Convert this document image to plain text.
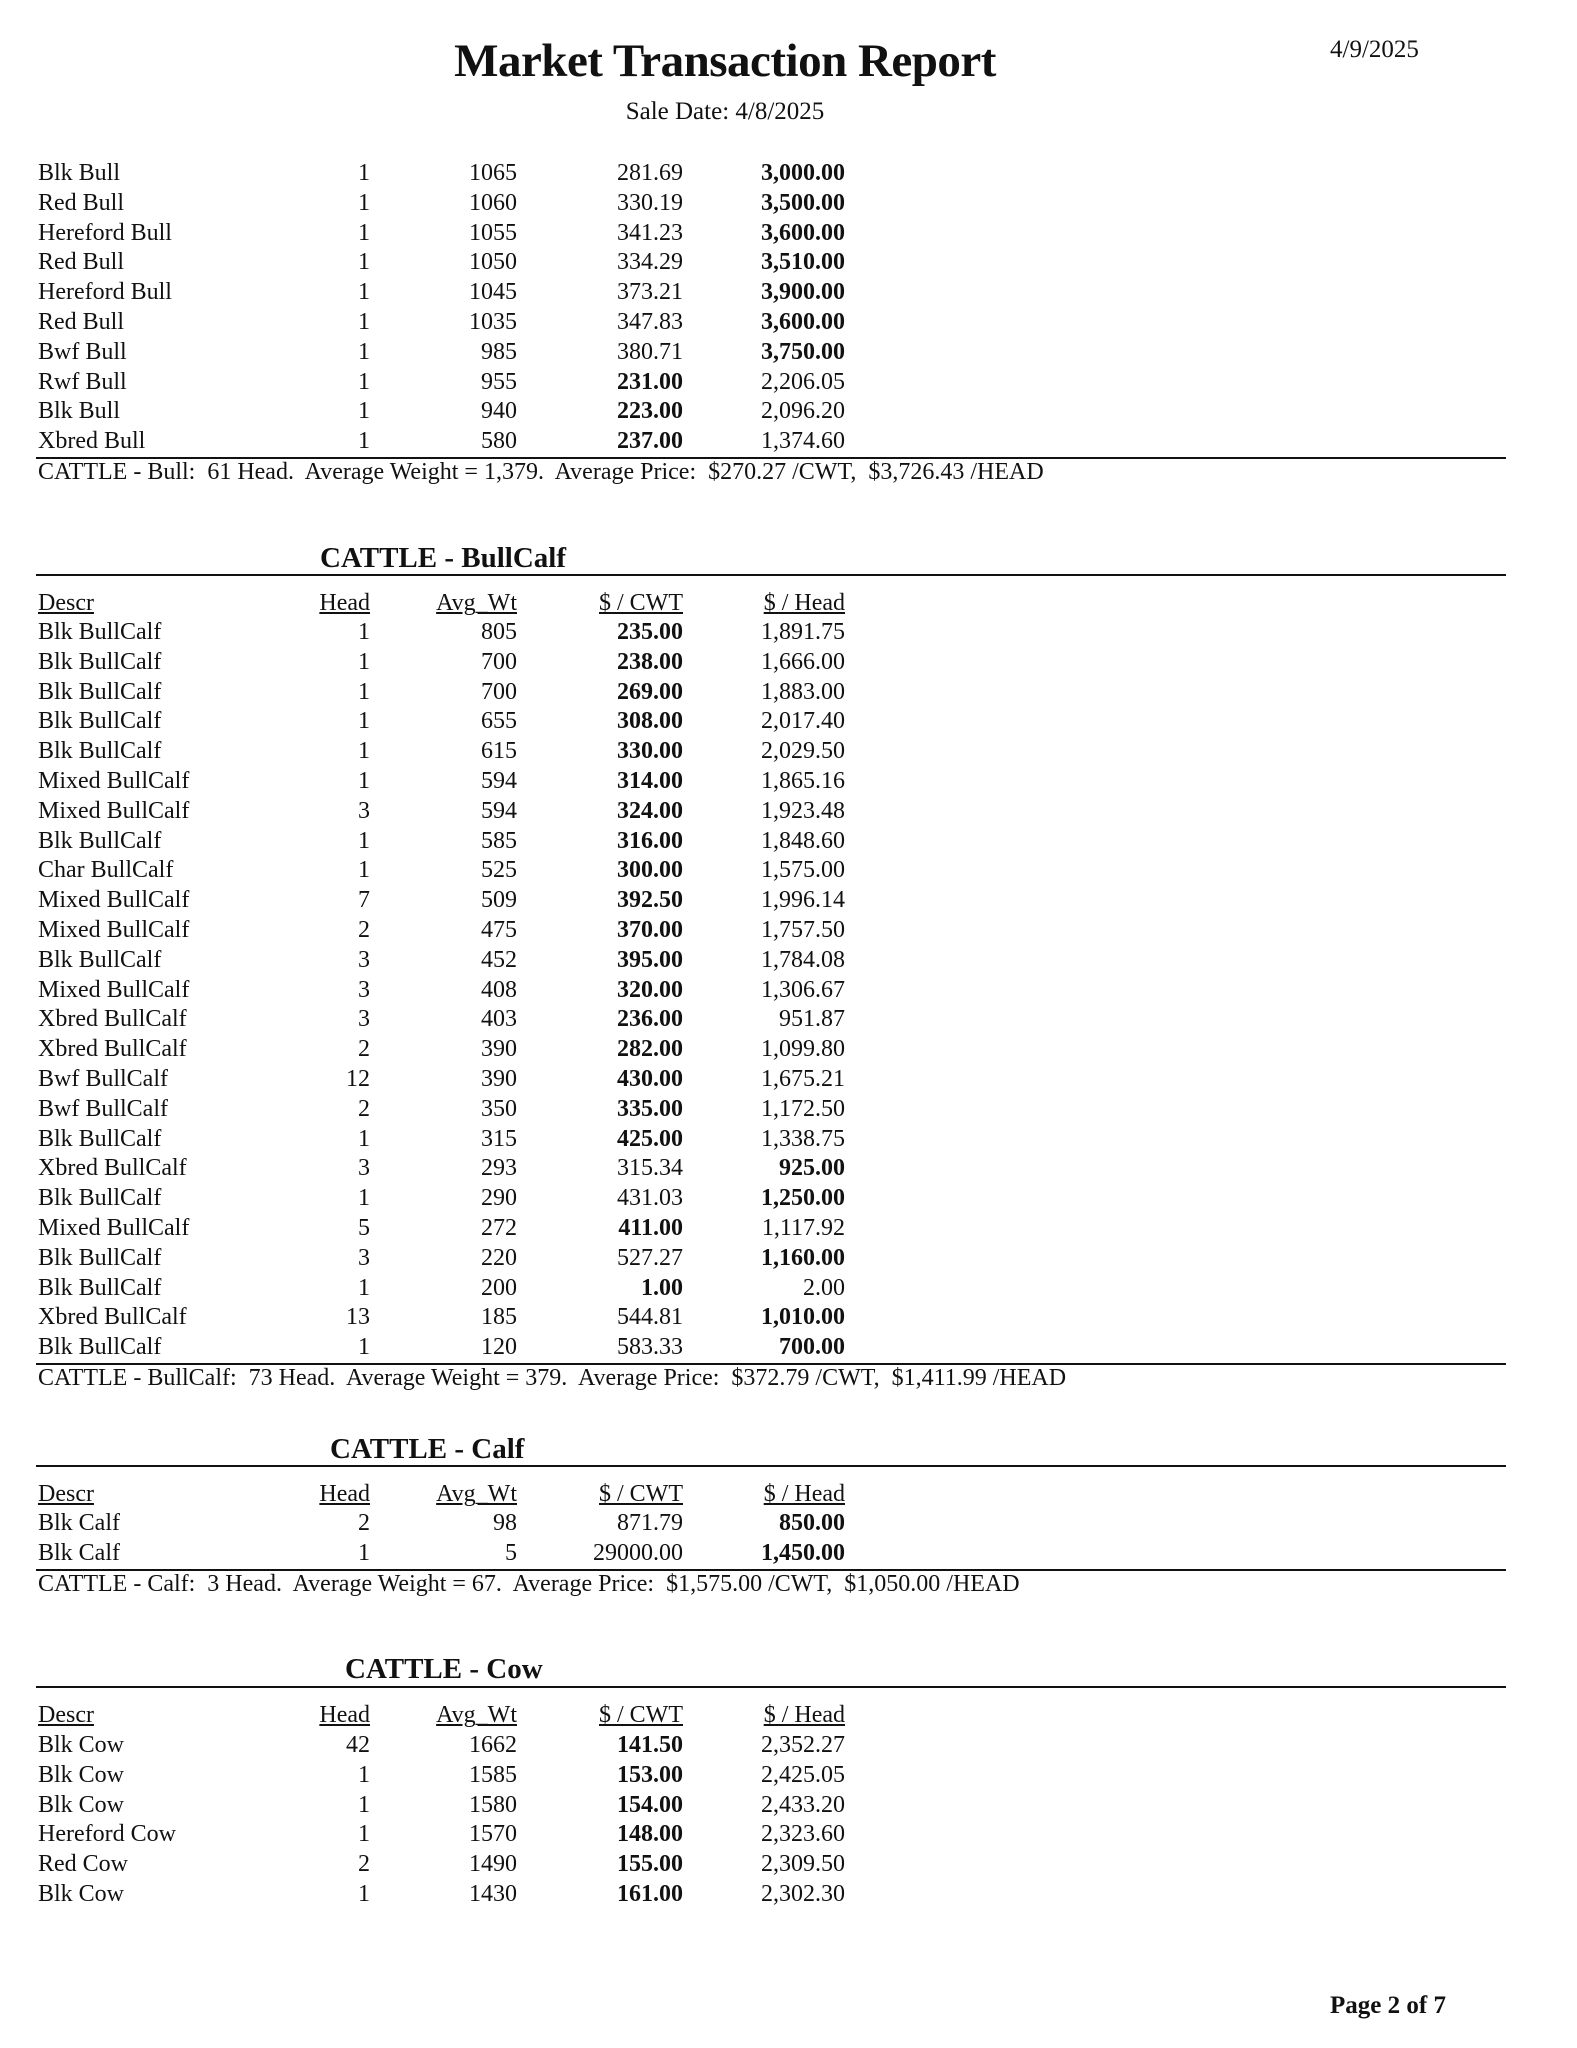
Market Transaction Report	4/9/2025
Sale Date: 4/8/2025
Page 2 of 7
Blk Bull	1	1065	281.69	3,000.00
Red Bull	1	1060	330.19	3,500.00
Hereford Bull	1	1055	341.23	3,600.00
Red Bull	1	1050	334.29	3,510.00
Hereford Bull	1	1045	373.21	3,900.00
Red Bull	1	1035	347.83	3,600.00
Bwf Bull	1	985	380.71	3,750.00
Rwf Bull	1	955	231.00	2,206.05
Blk Bull	1	940	223.00	2,096.20
Xbred Bull	1	580	237.00	1,374.60
CATTLE - Bull:  61 Head.  Average Weight = 1,379.  Average Price:  $270.27 /CWT,  $3,726.43 /HEAD
CATTLE - BullCalf
Descr	Head	Avg_Wt	$ / CWT	$ / Head
Blk BullCalf	1	805	235.00	1,891.75
Blk BullCalf	1	700	238.00	1,666.00
Blk BullCalf	1	700	269.00	1,883.00
Blk BullCalf	1	655	308.00	2,017.40
Blk BullCalf	1	615	330.00	2,029.50
Mixed BullCalf	1	594	314.00	1,865.16
Mixed BullCalf	3	594	324.00	1,923.48
Blk BullCalf	1	585	316.00	1,848.60
Char BullCalf	1	525	300.00	1,575.00
Mixed BullCalf	7	509	392.50	1,996.14
Mixed BullCalf	2	475	370.00	1,757.50
Blk BullCalf	3	452	395.00	1,784.08
Mixed BullCalf	3	408	320.00	1,306.67
Xbred BullCalf	3	403	236.00	951.87
Xbred BullCalf	2	390	282.00	1,099.80
Bwf BullCalf	12	390	430.00	1,675.21
Bwf BullCalf	2	350	335.00	1,172.50
Blk BullCalf	1	315	425.00	1,338.75
Xbred BullCalf	3	293	315.34	925.00
Blk BullCalf	1	290	431.03	1,250.00
Mixed BullCalf	5	272	411.00	1,117.92
Blk BullCalf	3	220	527.27	1,160.00
Blk BullCalf	1	200	1.00	2.00
Xbred BullCalf	13	185	544.81	1,010.00
Blk BullCalf	1	120	583.33	700.00
CATTLE - BullCalf:  73 Head.  Average Weight = 379.  Average Price:  $372.79 /CWT,  $1,411.99 /HEAD
CATTLE - Calf
Descr	Head	Avg_Wt	$ / CWT	$ / Head
Blk Calf	2	98	871.79	850.00
Blk Calf	1	5	29000.00	1,450.00
CATTLE - Calf:  3 Head.  Average Weight = 67.  Average Price:  $1,575.00 /CWT,  $1,050.00 /HEAD
CATTLE - Cow
Descr	Head	Avg_Wt	$ / CWT	$ / Head
Blk Cow	42	1662	141.50	2,352.27
Blk Cow	1	1585	153.00	2,425.05
Blk Cow	1	1580	154.00	2,433.20
Hereford Cow	1	1570	148.00	2,323.60
Red Cow	2	1490	155.00	2,309.50
Blk Cow	1	1430	161.00	2,302.30
